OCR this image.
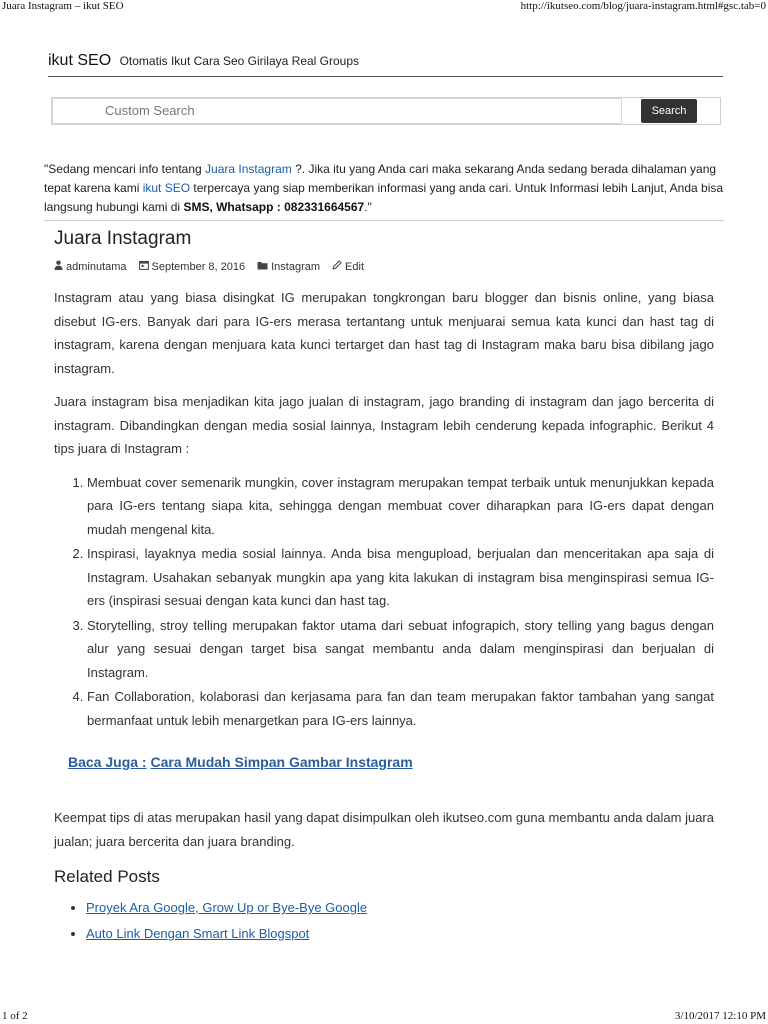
Juara Instagram – ikut SEO	http://ikutseo.com/blog/juara-instagram.html#gsc.tab=0
ikut SEO Otomatis Ikut Cara Seo Girilaya Real Groups
Custom Search	Search
"Sedang mencari info tentang Juara Instagram ?. Jika itu yang Anda cari maka sekarang Anda sedang berada dihalaman yang tepat karena kami ikut SEO terpercaya yang siap memberikan informasi yang anda cari. Untuk Informasi lebih Lanjut, Anda bisa langsung hubungi kami di SMS, Whatsapp : 082331664567."
Juara Instagram
adminutama	September 8, 2016	Instagram	Edit

Instagram atau yang biasa disingkat IG merupakan tongkrongan baru blogger dan bisnis online, yang biasa disebut IG-ers. Banyak dari para IG-ers merasa tertantang untuk menjuarai semua kata kunci dan hast tag di instagram, karena dengan menjuara kata kunci tertarget dan hast tag di Instagram maka baru bisa dibilang jago instagram.

Juara instagram bisa menjadikan kita jago jualan di instagram, jago branding di instagram dan jago bercerita di instagram. Dibandingkan dengan media sosial lainnya, Instagram lebih cenderung kepada infographic. Berikut 4 tips juara di Instagram :

1. Membuat cover semenarik mungkin, cover instagram merupakan tempat terbaik untuk menunjukkan kepada para IG-ers tentang siapa kita, sehingga dengan membuat cover diharapkan para IG-ers dapat dengan mudah mengenal kita.
2. Inspirasi, layaknya media sosial lainnya. Anda bisa mengupload, berjualan dan menceritakan apa saja di Instagram. Usahakan sebanyak mungkin apa yang kita lakukan di instagram bisa menginspirasi semua IG-ers (inspirasi sesuai dengan kata kunci dan hast tag.
3. Storytelling, stroy telling merupakan faktor utama dari sebuat infograpich, story telling yang bagus dengan alur yang sesuai dengan target bisa sangat membantu anda dalam menginspirasi dan berjualan di Instagram.
4. Fan Collaboration, kolaborasi dan kerjasama para fan dan team merupakan faktor tambahan yang sangat bermanfaat untuk lebih menargetkan para IG-ers lainnya.
Baca Juga : Cara Mudah Simpan Gambar Instagram

Keempat tips di atas merupakan hasil yang dapat disimpulkan oleh ikutseo.com guna membantu anda dalam juara jualan; juara bercerita dan juara branding.

Related Posts
• Proyek Ara Google, Grow Up or Bye-Bye Google
• Auto Link Dengan Smart Link Blogspot
1 of 2	3/10/2017 12:10 PM
